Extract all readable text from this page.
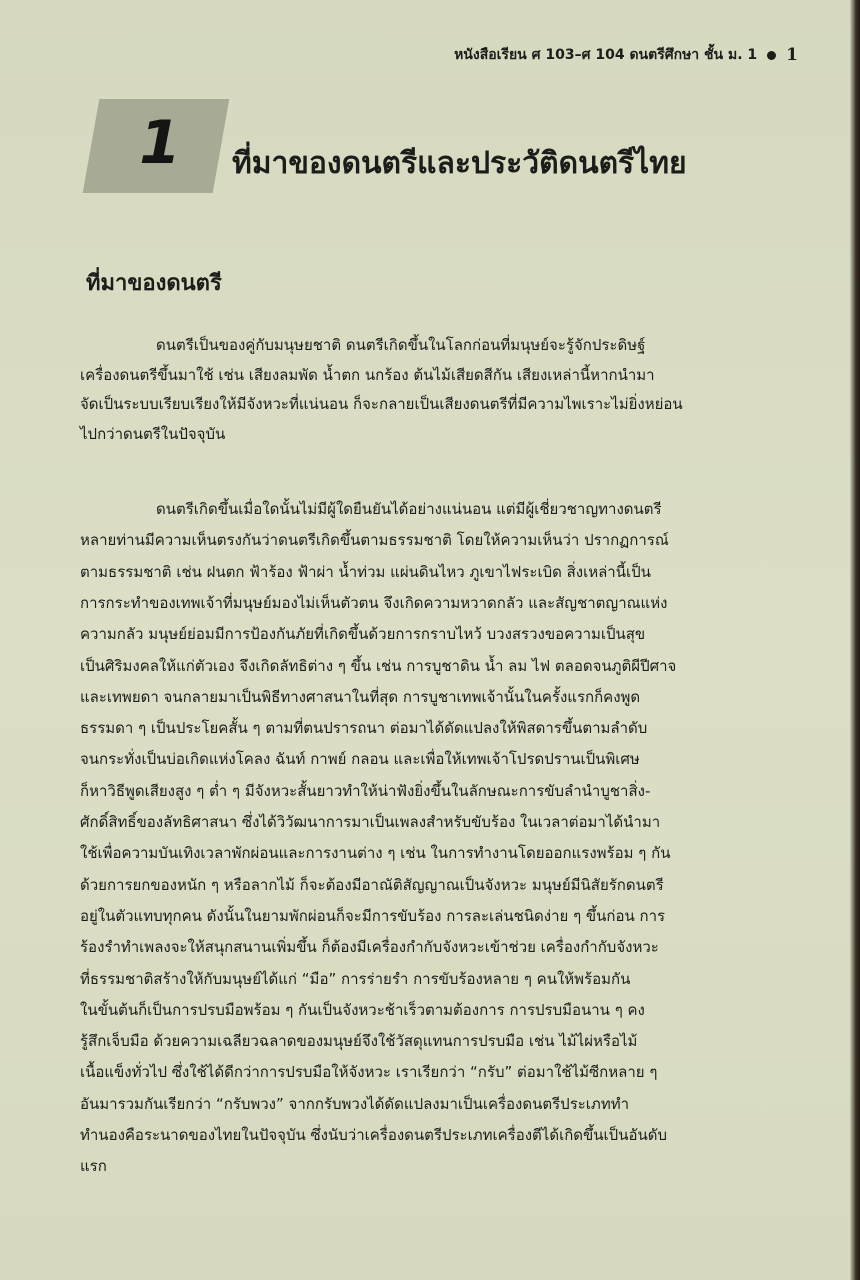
หนังสือเรียน ศ 103–ศ 104 ดนตรีศึกษา ชั้น ม. 1 1
1	ที่มาของดนตรีและประวัติดนตรีไทย
ที่มาของดนตรี
ดนตรีเป็นของคู่กับมนุษยชาติ ดนตรีเกิดขึ้นในโลกก่อนที่มนุษย์จะรู้จักประดิษฐ์
เครื่องดนตรีขึ้นมาใช้ เช่น เสียงลมพัด น้ำตก นกร้อง ต้นไม้เสียดสีกัน เสียงเหล่านี้หากนำมา
จัดเป็นระบบเรียบเรียงให้มีจังหวะที่แน่นอน ก็จะกลายเป็นเสียงดนตรีที่มีความไพเราะไม่ยิ่งหย่อน
ไปกว่าดนตรีในปัจจุบัน
ดนตรีเกิดขึ้นเมื่อใดนั้นไม่มีผู้ใดยืนยันได้อย่างแน่นอน แต่มีผู้เชี่ยวชาญทางดนตรี
หลายท่านมีความเห็นตรงกันว่าดนตรีเกิดขึ้นตามธรรมชาติ โดยให้ความเห็นว่า ปรากฏการณ์
ตามธรรมชาติ เช่น ฝนตก ฟ้าร้อง ฟ้าผ่า น้ำท่วม แผ่นดินไหว ภูเขาไฟระเบิด สิ่งเหล่านี้เป็น
การกระทำของเทพเจ้าที่มนุษย์มองไม่เห็นตัวตน จึงเกิดความหวาดกลัว และสัญชาตญาณแห่ง
ความกลัว มนุษย์ย่อมมีการป้องกันภัยที่เกิดขึ้นด้วยการกราบไหว้ บวงสรวงขอความเป็นสุข
เป็นศิริมงคลให้แก่ตัวเอง จึงเกิดลัทธิต่าง ๆ ขึ้น เช่น การบูชาดิน น้ำ ลม ไฟ ตลอดจนภูติผีปีศาจ
และเทพยดา จนกลายมาเป็นพิธีทางศาสนาในที่สุด การบูชาเทพเจ้านั้นในครั้งแรกก็คงพูด
ธรรมดา ๆ เป็นประโยคสั้น ๆ ตามที่ตนปรารถนา ต่อมาได้ดัดแปลงให้พิสดารขึ้นตามลำดับ
จนกระทั่งเป็นบ่อเกิดแห่งโคลง ฉันท์ กาพย์ กลอน และเพื่อให้เทพเจ้าโปรดปรานเป็นพิเศษ
ก็หาวิธีพูดเสียงสูง ๆ ต่ำ ๆ มีจังหวะสั้นยาวทำให้น่าฟังยิ่งขึ้นในลักษณะการขับลำนำบูชาสิ่ง-
ศักดิ์สิทธิ์ของลัทธิศาสนา ซึ่งได้วิวัฒนาการมาเป็นเพลงสำหรับขับร้อง ในเวลาต่อมาได้นำมา
ใช้เพื่อความบันเทิงเวลาพักผ่อนและการงานต่าง ๆ เช่น ในการทำงานโดยออกแรงพร้อม ๆ กัน
ด้วยการยกของหนัก ๆ หรือลากไม้ ก็จะต้องมีอาณัติสัญญาณเป็นจังหวะ มนุษย์มีนิสัยรักดนตรี
อยู่ในตัวแทบทุกคน ดังนั้นในยามพักผ่อนก็จะมีการขับร้อง การละเล่นชนิดง่าย ๆ ขึ้นก่อน การ
ร้องรำทำเพลงจะให้สนุกสนานเพิ่มขึ้น ก็ต้องมีเครื่องกำกับจังหวะเข้าช่วย เครื่องกำกับจังหวะ
ที่ธรรมชาติสร้างให้กับมนุษย์ได้แก่ “มือ” การร่ายรำ การขับร้องหลาย ๆ คนให้พร้อมกัน
ในขั้นต้นก็เป็นการปรบมือพร้อม ๆ กันเป็นจังหวะช้าเร็วตามต้องการ การปรบมือนาน ๆ คง
รู้สึกเจ็บมือ ด้วยความเฉลียวฉลาดของมนุษย์จึงใช้วัสดุแทนการปรบมือ เช่น ไม้ไผ่หรือไม้
เนื้อแข็งทั่วไป ซึ่งใช้ได้ดีกว่าการปรบมือให้จังหวะ เราเรียกว่า “กรับ” ต่อมาใช้ไม้ซีกหลาย ๆ
อันมารวมกันเรียกว่า “กรับพวง” จากกรับพวงได้ดัดแปลงมาเป็นเครื่องดนตรีประเภททำ
ทำนองคือระนาดของไทยในปัจจุบัน ซึ่งนับว่าเครื่องดนตรีประเภทเครื่องตีได้เกิดขึ้นเป็นอันดับ
แรก
